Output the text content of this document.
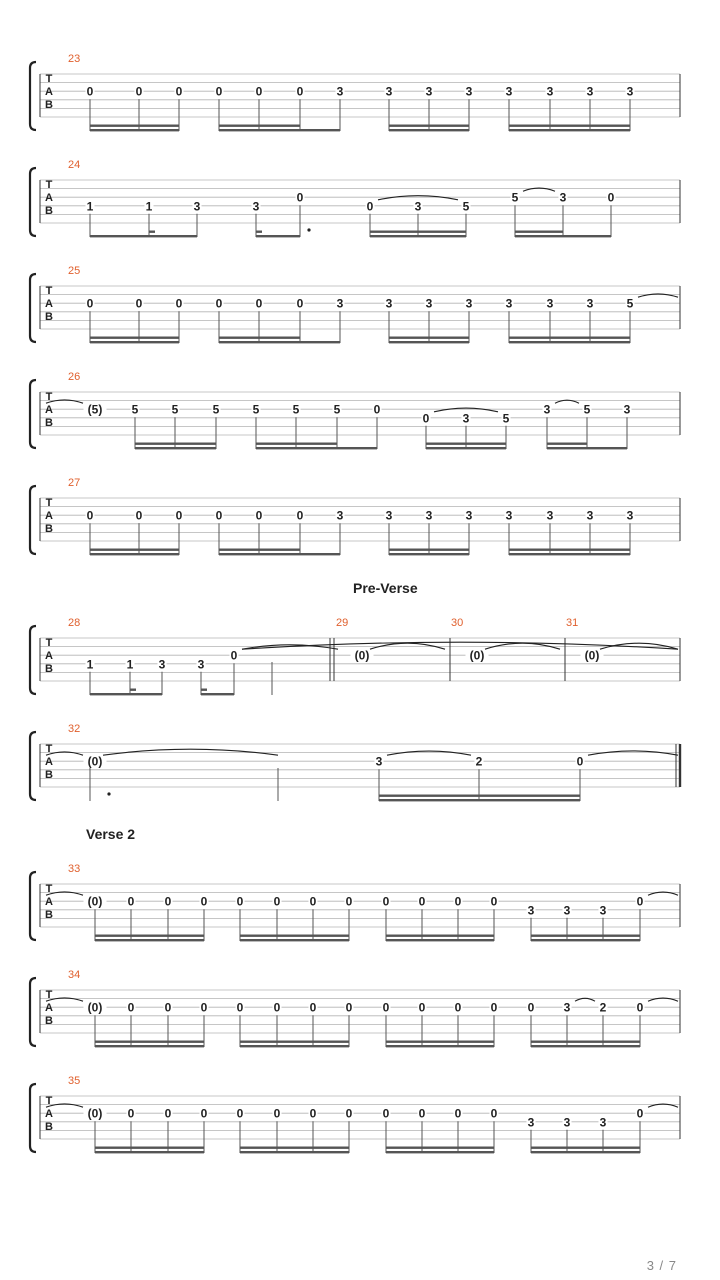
Pre-Verse
Verse 2
T
A
B
23
0	0	0	0	0	0	3	3	3	3	3	3	3	3
T
A
B
24
1	1	3	3
0
0	3	5
5	3	0
T
A
B
25
0	0	0	0	0	0	3	3	3	3	3	3	3	5
T
A
B
26
(5) 5	5	5	5	5	5	0
0	3	5
3	5	3
T
A
B
27
0	0	0	0	0	0	3	3	3	3	3	3	3	3
T
A
B
28	29	30	31
1	1 3	3
0	(0)	(0)	(0)
T
A
B
32
(0)	3	2	0
T
A
B
33
(0) 0	0 0 0	0 0 0	0 0 0 0
3 3 3
0
T
A
B
34
(0) 0	0 0 0	0 0 0	0 0 0 0	0 3 2	0
T
A
B
35
(0) 0	0 0 0	0 0 0	0 0 0 0
3 3 3
0
3 / 7
